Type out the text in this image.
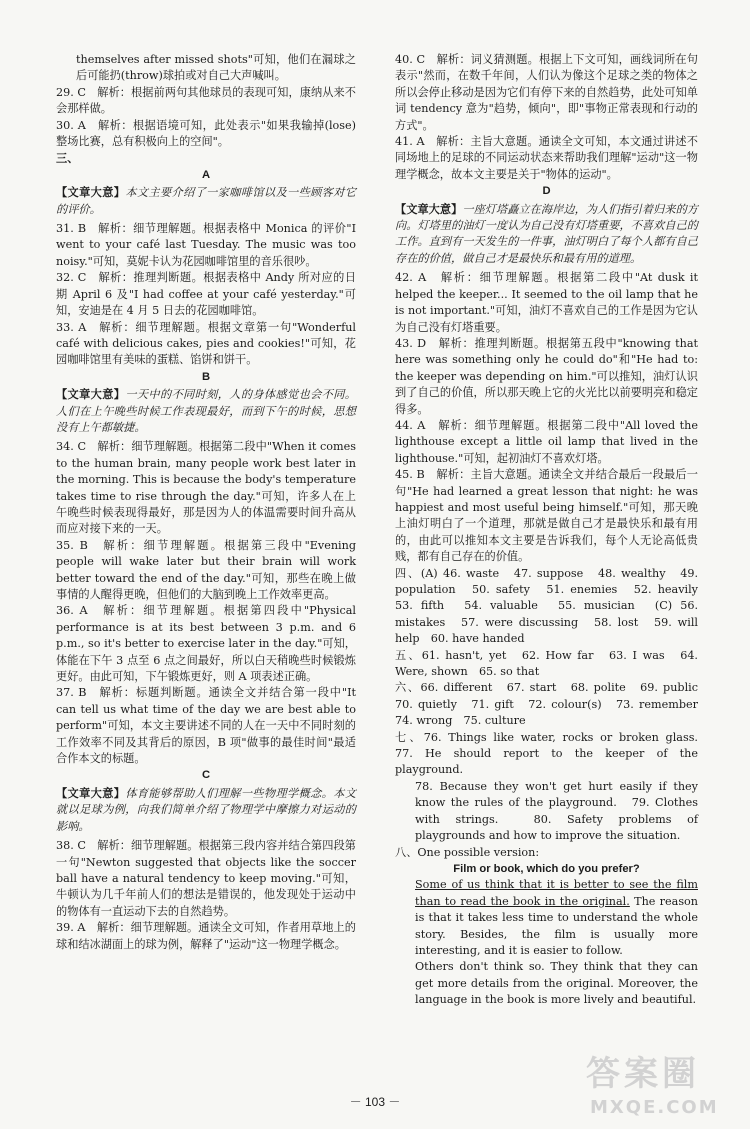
themselves after missed shots"可知，他们在漏球之后可能扔(throw)球拍或对自己大声喊叫。

29. C　解析：根据前两句其他球员的表现可知，康纳从来不会那样做。

30. A　解析：根据语境可知，此处表示"如果我输掉(lose)整场比赛，总有积极向上的空间"。

三、

A

【文章大意】本文主要介绍了一家咖啡馆以及一些顾客对它的评价。

31. B　解析：细节理解题。根据表格中 Monica 的评价"I went to your café last Tuesday. The music was too noisy."可知，莫妮卡认为花园咖啡馆里的音乐很吵。

32. C　解析：推理判断题。根据表格中 Andy 所对应的日期 April 6 及"I had coffee at your café yesterday."可知，安迪是在 4 月 5 日去的花园咖啡馆。

33. A　解析：细节理解题。根据文章第一句"Wonderful café with delicious cakes, pies and cookies!"可知，花园咖啡馆里有美味的蛋糕、馅饼和饼干。

B

【文章大意】一天中的不同时刻，人的身体感觉也会不同。人们在上午晚些时候工作表现最好，而到下午的时候，思想没有上午都敏捷。

34. C　解析：细节理解题。根据第二段中"When it comes to the human brain, many people work best later in the morning. This is because the body's temperature takes time to rise through the day."可知，许多人在上午晚些时候表现得最好，那是因为人的体温需要时间升高从而应对接下来的一天。

35. B　解析：细节理解题。根据第三段中"Evening people will wake later but their brain will work better toward the end of the day."可知，那些在晚上做事情的人醒得更晚，但他们的大脑到晚上工作效率更高。

36. A　解析：细节理解题。根据第四段中"Physical performance is at its best between 3 p.m. and 6 p.m., so it's better to exercise later in the day."可知，体能在下午 3 点至 6 点之间最好，所以白天稍晚些时候锻炼更好。由此可知，下午锻炼更好，则 A 项表述正确。

37. B　解析：标题判断题。通读全文并结合第一段中"It can tell us what time of the day we are best able to perform"可知，本文主要讲述不同的人在一天中不同时刻的工作效率不同及其背后的原因，B 项"做事的最佳时间"最适合作本文的标题。

C

【文章大意】体育能够帮助人们理解一些物理学概念。本文就以足球为例，向我们简单介绍了物理学中摩擦力对运动的影响。

38. C　解析：细节理解题。根据第三段内容并结合第四段第一句"Newton suggested that objects like the soccer ball have a natural tendency to keep moving."可知，牛顿认为几千年前人们的想法是错误的，他发现处于运动中的物体有一直运动下去的自然趋势。

39. A　解析：细节理解题。通读全文可知，作者用草地上的球和结冰湖面上的球为例，解释了"运动"这一物理学概念。

40. C　解析：词义猜测题。根据上下文可知，画线词所在句表示"然而，在数千年间，人们认为像这个足球之类的物体之所以会停止移动是因为它们有停下来的自然趋势，此处可知单词 tendency 意为"趋势，倾向"，即"事物正常表现和行动的方式"。

41. A　解析：主旨大意题。通读全文可知，本文通过讲述不同场地上的足球的不同运动状态来帮助我们理解"运动"这一物理学概念，故本文主要是关于"物体的运动"。

D

【文章大意】一座灯塔矗立在海岸边，为人们指引着归来的方向。灯塔里的油灯一度认为自己没有灯塔重要，不喜欢自己的工作。直到有一天发生的一件事，油灯明白了每个人都有自己存在的价值，做自己才是最快乐和最有用的道理。

42. A　解析：细节理解题。根据第二段中"At dusk it helped the keeper... It seemed to the oil lamp that he is not important."可知，油灯不喜欢自己的工作是因为它认为自己没有灯塔重要。

43. D　解析：推理判断题。根据第五段中"knowing that here was something only he could do"和"He had to: the keeper was depending on him."可以推知，油灯认识到了自己的价值，所以那天晚上它的火光比以前要明亮和稳定得多。

44. A　解析：细节理解题。根据第二段中"All loved the lighthouse except a little oil lamp that lived in the lighthouse."可知，起初油灯不喜欢灯塔。

45. B　解析：主旨大意题。通读全文并结合最后一段最后一句"He had learned a great lesson that night: he was happiest and most useful being himself."可知，那天晚上油灯明白了一个道理，那就是做自己才是最快乐和最有用的，由此可以推知本文主要是告诉我们，每个人无论高低贵贱，都有自己存在的价值。

四、(A) 46. waste　47. suppose　48. wealthy　49. population　50. safety　51. enemies　52. heavily　53. fifth　54. valuable　55. musician　(C) 56. mistakes　57. were discussing　58. lost　59. will help　60. have handed

五、61. hasn't, yet　62. How far　63. I was　64. Were, shown　65. so that

六、66. different　67. start　68. polite　69. public　70. quietly　71. gift　72. colour(s)　73. remember　74. wrong　75. culture

七、76. Things like water, rocks or broken glass.　77. He should report to the keeper of the playground.

78. Because they won't get hurt easily if they know the rules of the playground.　79. Clothes with strings.　80. Safety problems of playgrounds and how to improve the situation.

八、One possible version:

Film or book, which do you prefer?

Some of us think that it is better to see the film than to read the book in the original. The reason is that it takes less time to understand the whole story. Besides, the film is usually more interesting, and it is easier to follow.

Others don't think so. They think that they can get more details from the original. Moreover, the language in the book is more lively and beautiful.

－ 103 －
答案圈
MXQE.COM
